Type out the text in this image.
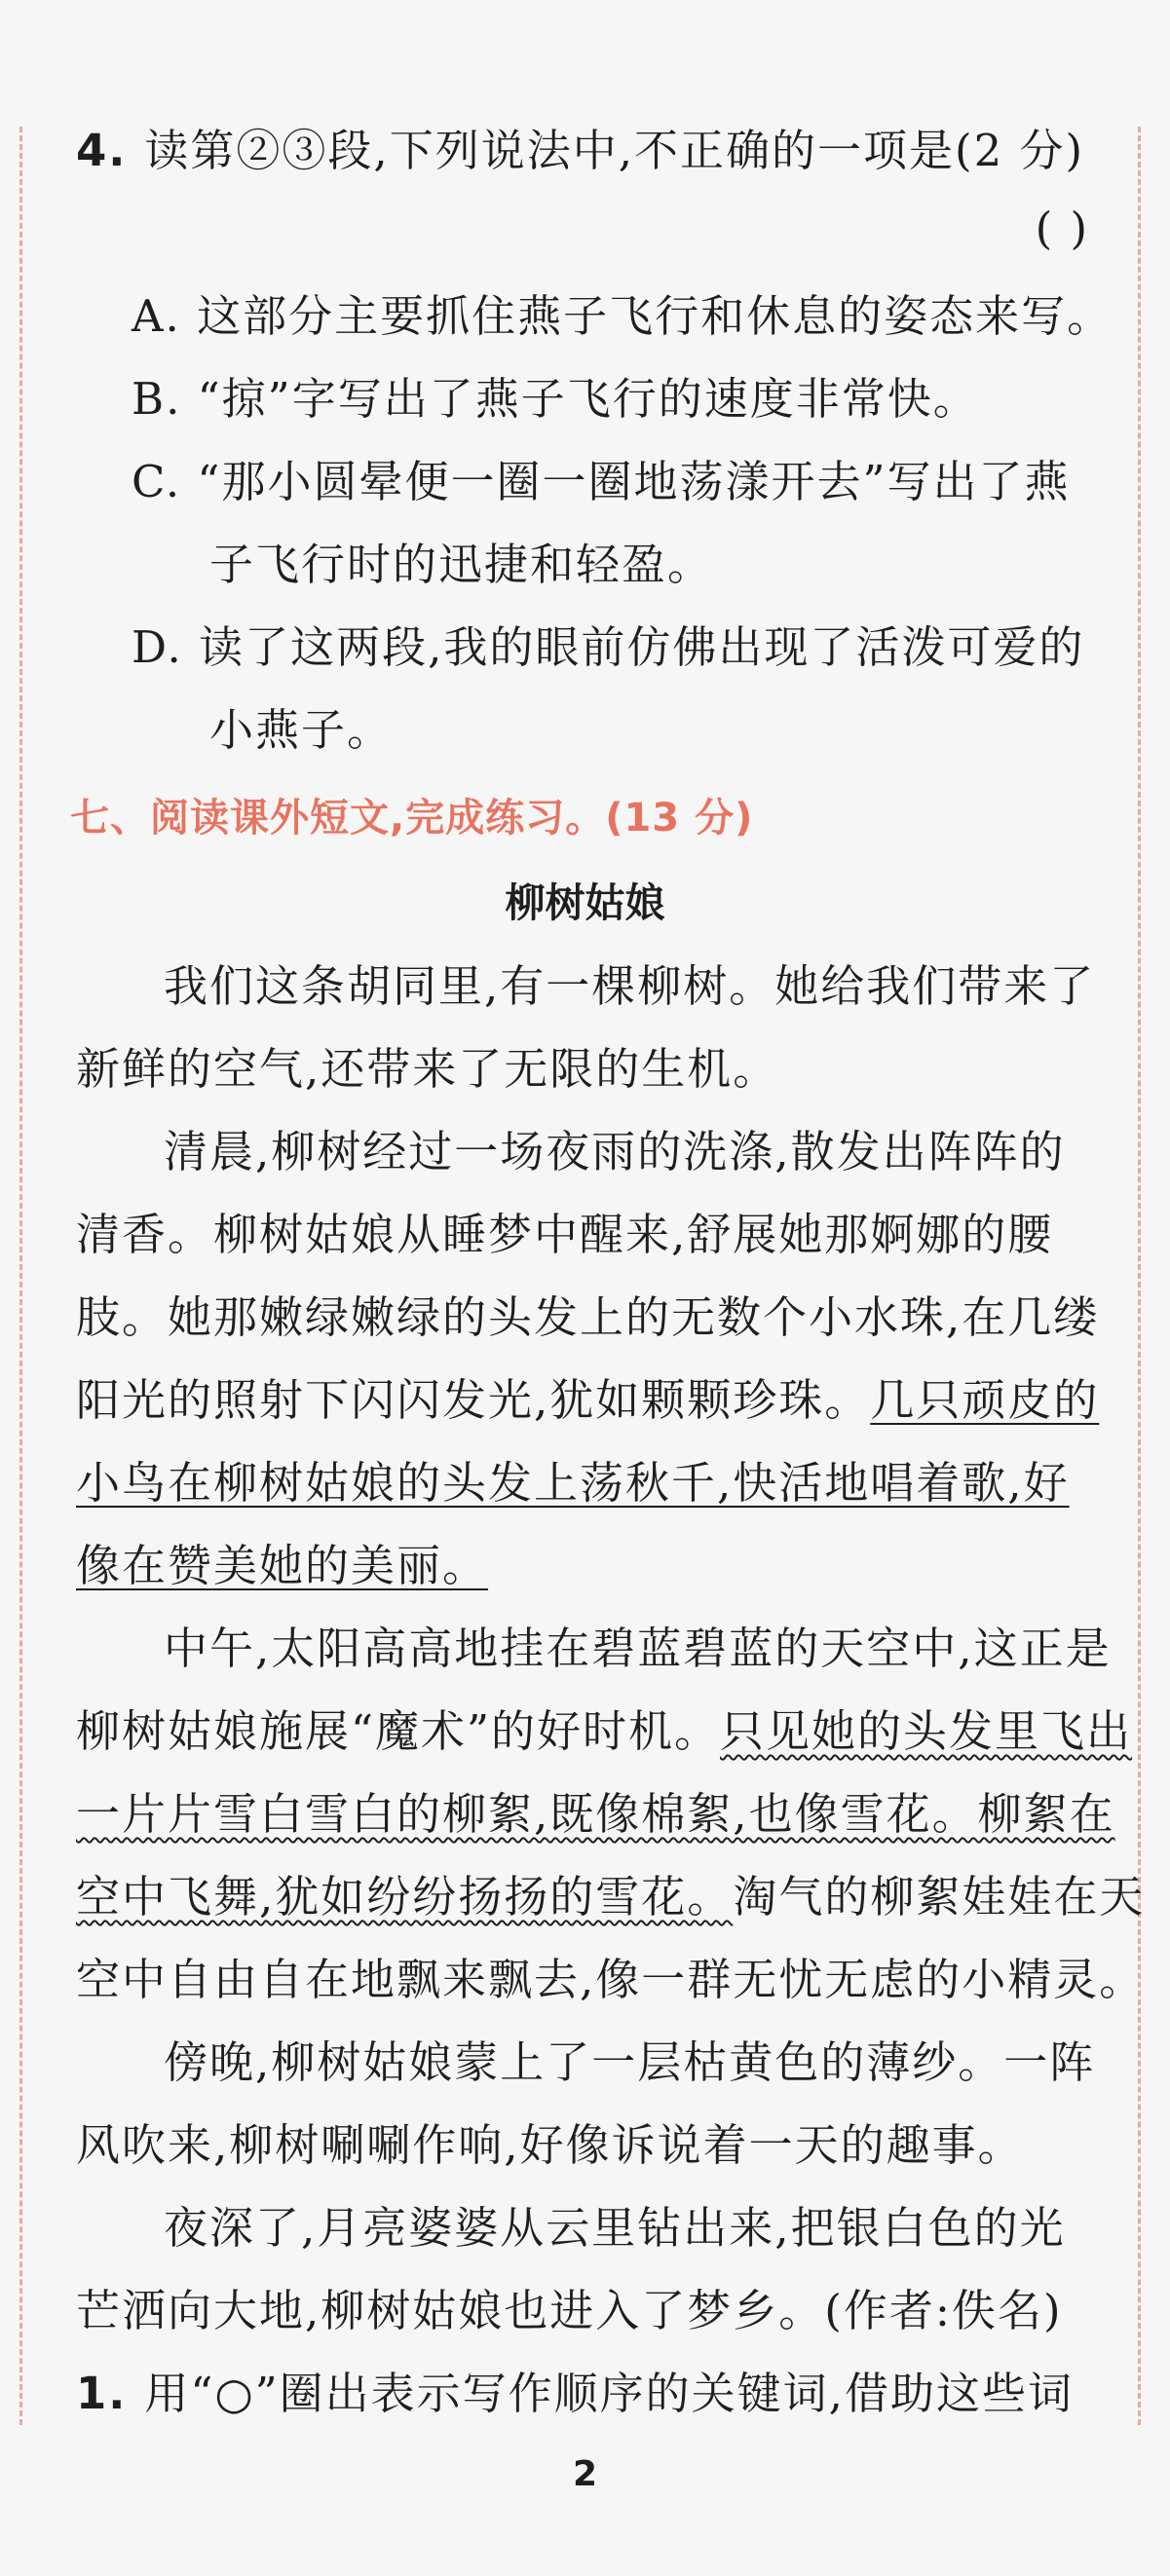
4. 读第②③段,下列说法中,不正确的一项是(2 分)
( )
A. 这部分主要抓住燕子飞行和休息的姿态来写。
B. “掠”字写出了燕子飞行的速度非常快。
C. “那小圆晕便一圈一圈地荡漾开去”写出了燕
子飞行时的迅捷和轻盈。
D. 读了这两段,我的眼前仿佛出现了活泼可爱的
小燕子。
七、阅读课外短文,完成练习。(13 分)
柳树姑娘
我们这条胡同里,有一棵柳树。她给我们带来了
新鲜的空气,还带来了无限的生机。
清晨,柳树经过一场夜雨的洗涤,散发出阵阵的
清香。柳树姑娘从睡梦中醒来,舒展她那婀娜的腰
肢。她那嫩绿嫩绿的头发上的无数个小水珠,在几缕
阳光的照射下闪闪发光,犹如颗颗珍珠。几只顽皮的
小鸟在柳树姑娘的头发上荡秋千,快活地唱着歌,好
像在赞美她的美丽。
中午,太阳高高地挂在碧蓝碧蓝的天空中,这正是
柳树姑娘施展“魔术”的好时机。只见她的头发里飞出
一片片雪白雪白的柳絮,既像棉絮,也像雪花。柳絮在
空中飞舞,犹如纷纷扬扬的雪花。淘气的柳絮娃娃在天
空中自由自在地飘来飘去,像一群无忧无虑的小精灵。
傍晚,柳树姑娘蒙上了一层枯黄色的薄纱。一阵
风吹来,柳树唰唰作响,好像诉说着一天的趣事。
夜深了,月亮婆婆从云里钻出来,把银白色的光
芒洒向大地,柳树姑娘也进入了梦乡。(作者:佚名)
1. 用“○”圈出表示写作顺序的关键词,借助这些词
2
